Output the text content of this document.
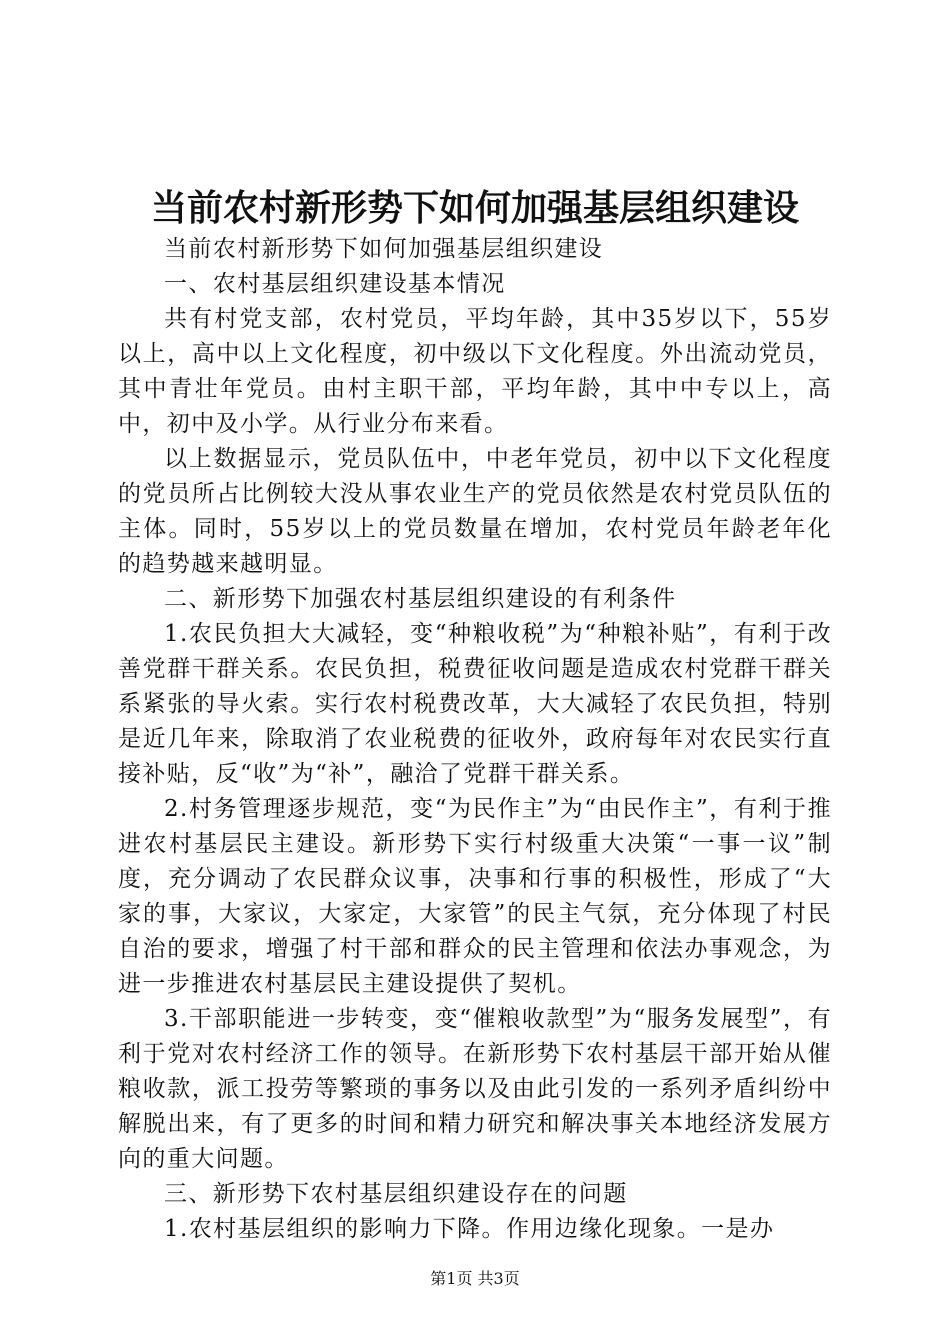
当前农村新形势下如何加强基层组织建设

当前农村新形势下如何加强基层组织建设

一、农村基层组织建设基本情况

共有村党支部，农村党员，平均年龄，其中35岁以下，55岁以上，高中以上文化程度，初中级以下文化程度。外出流动党员，其中青壮年党员。由村主职干部，平均年龄，其中中专以上，高中，初中及小学。从行业分布来看。

以上数据显示，党员队伍中，中老年党员，初中以下文化程度的党员所占比例较大没从事农业生产的党员依然是农村党员队伍的主体。同时，55岁以上的党员数量在增加，农村党员年龄老年化的趋势越来越明显。

二、新形势下加强农村基层组织建设的有利条件

1.农民负担大大减轻，变“种粮收税”为“种粮补贴”，有利于改善党群干群关系。农民负担，税费征收问题是造成农村党群干群关系紧张的导火索。实行农村税费改革，大大减轻了农民负担，特别是近几年来，除取消了农业税费的征收外，政府每年对农民实行直接补贴，反“收”为“补”，融洽了党群干群关系。

2.村务管理逐步规范，变“为民作主”为“由民作主”，有利于推进农村基层民主建设。新形势下实行村级重大决策“一事一议”制度，充分调动了农民群众议事，决事和行事的积极性，形成了“大家的事，大家议，大家定，大家管”的民主气氛，充分体现了村民自治的要求，增强了村干部和群众的民主管理和依法办事观念，为进一步推进农村基层民主建设提供了契机。

3.干部职能进一步转变，变“催粮收款型”为“服务发展型”，有利于党对农村经济工作的领导。在新形势下农村基层干部开始从催粮收款，派工投劳等繁琐的事务以及由此引发的一系列矛盾纠纷中解脱出来，有了更多的时间和精力研究和解决事关本地经济发展方向的重大问题。

三、新形势下农村基层组织建设存在的问题

1.农村基层组织的影响力下降。作用边缘化现象。一是办

第1页 共3页
